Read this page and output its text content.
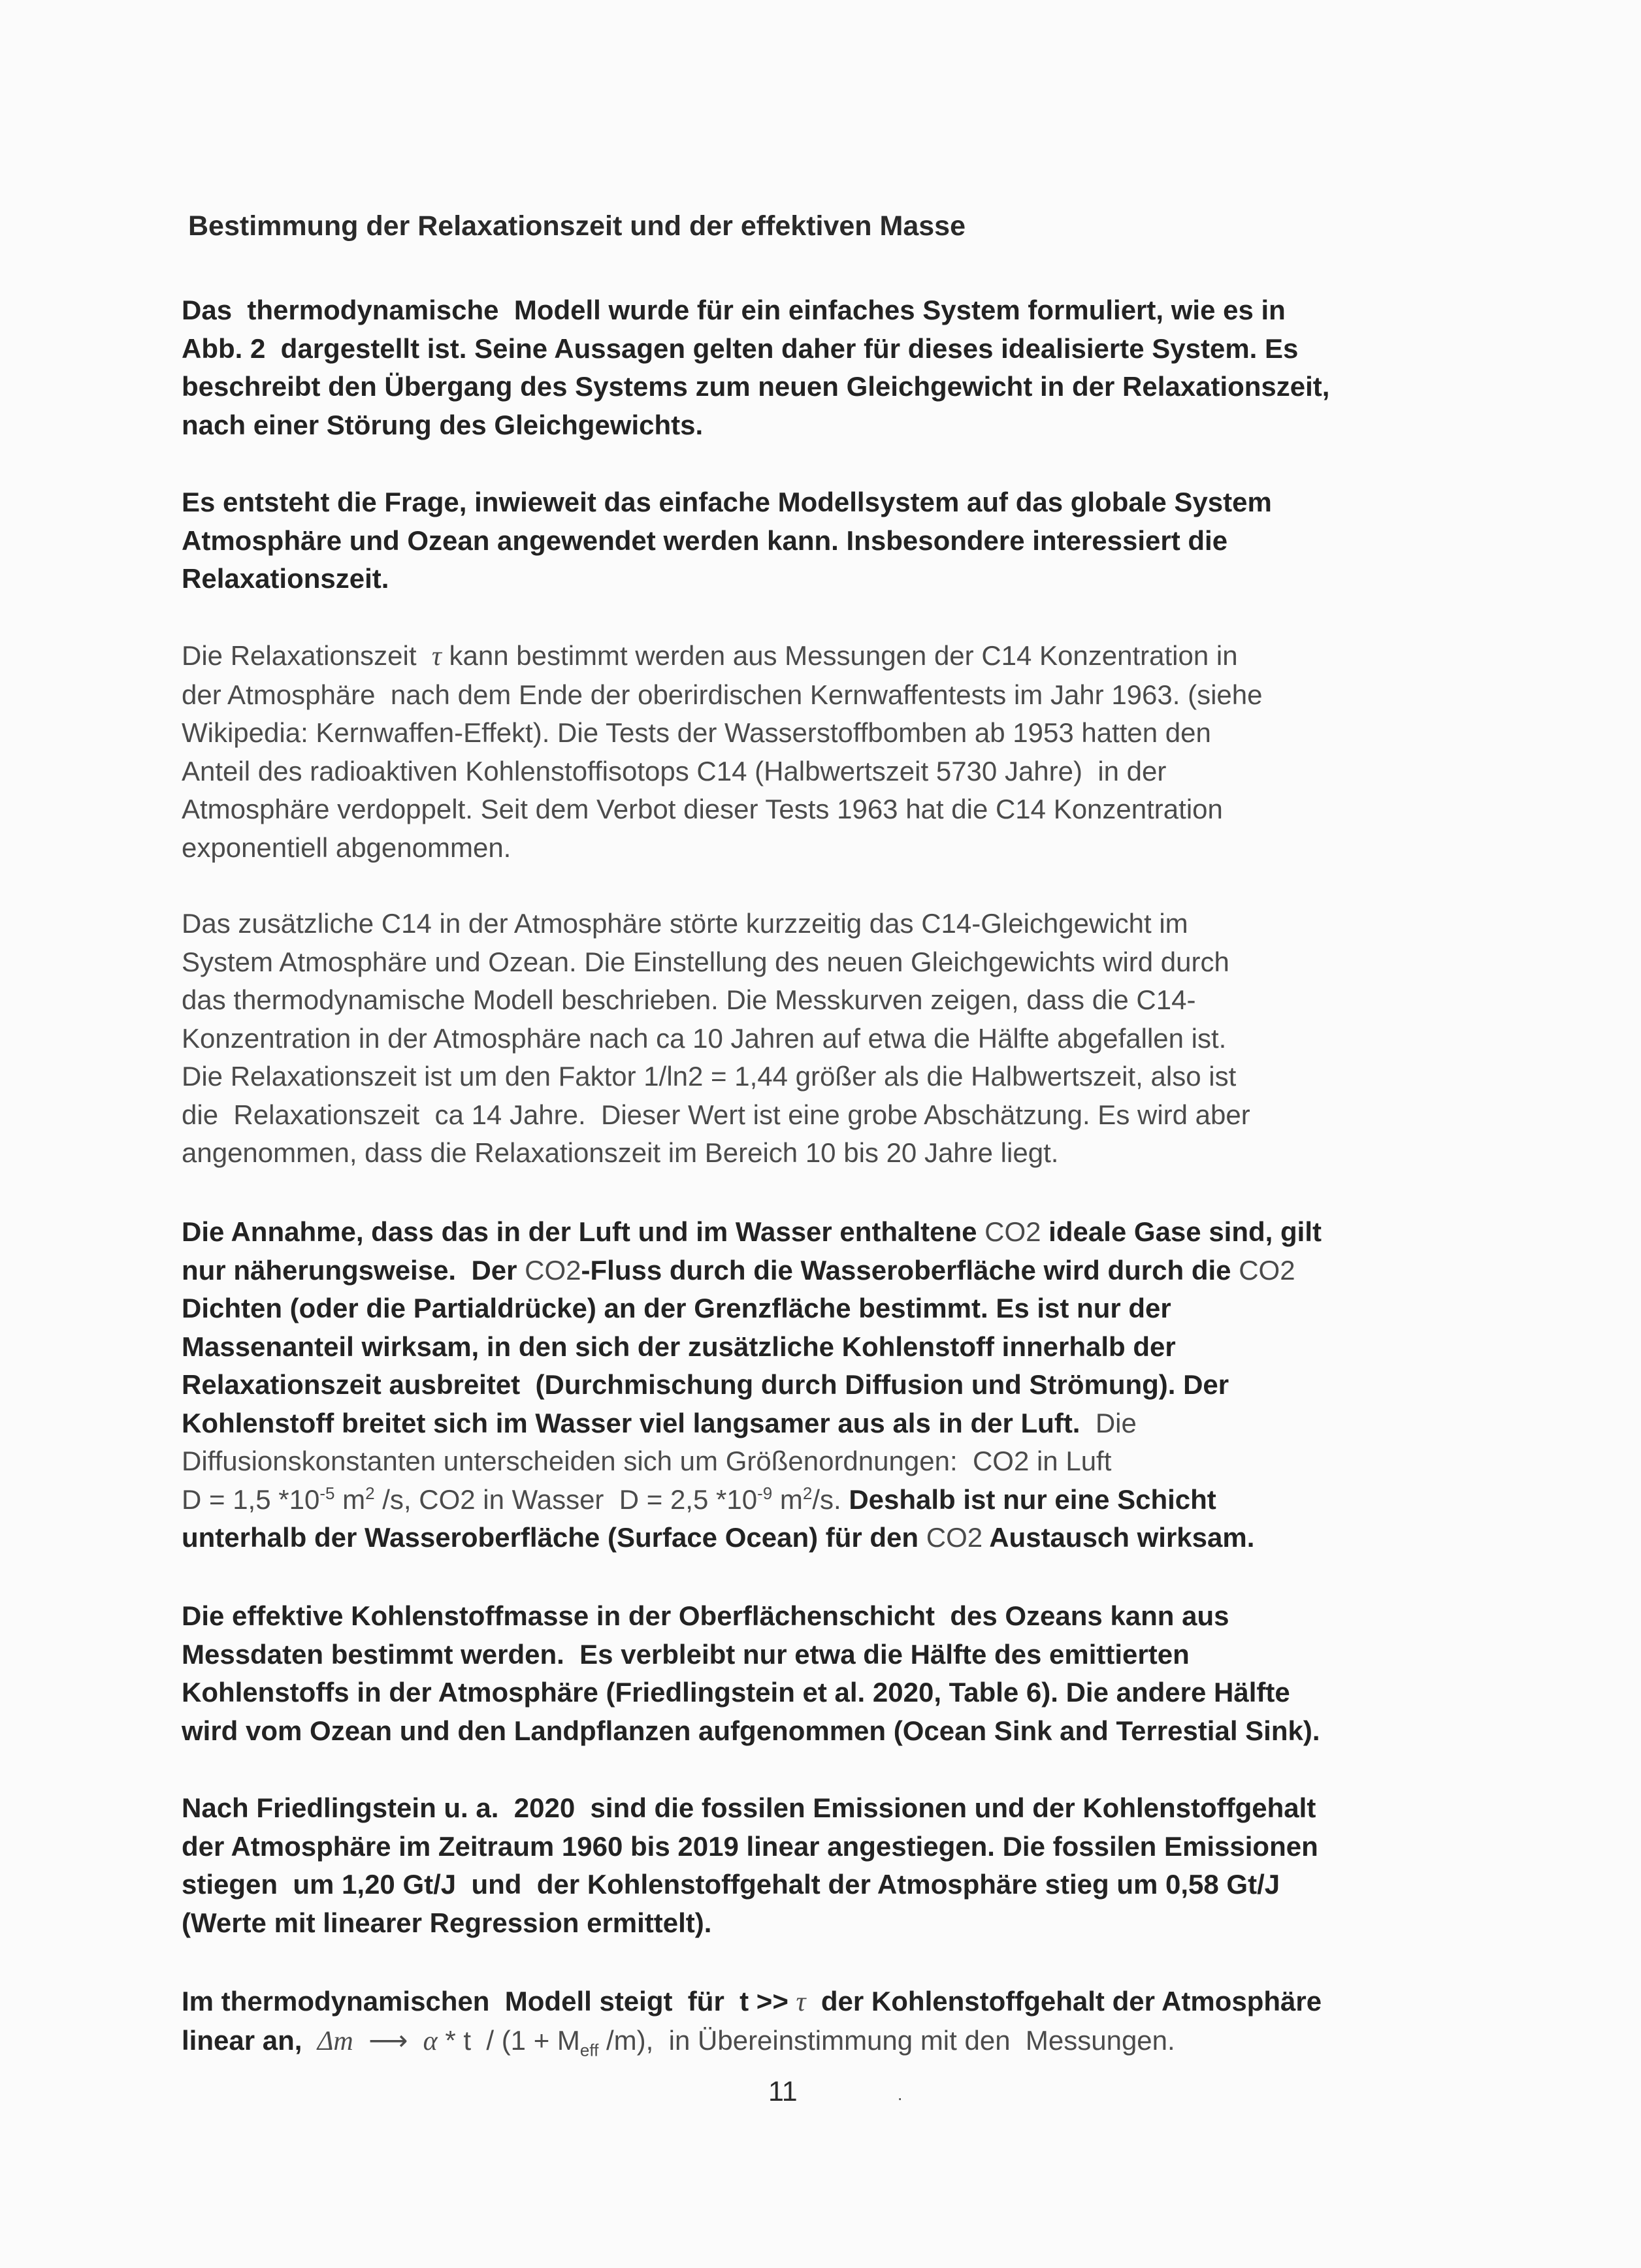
Bestimmung der Relaxationszeit und der effektiven Masse

Das  thermodynamische  Modell wurde für ein einfaches System formuliert, wie es in
Abb. 2  dargestellt ist. Seine Aussagen gelten daher für dieses idealisierte System. Es
beschreibt den Übergang des Systems zum neuen Gleichgewicht in der Relaxationszeit,
nach einer Störung des Gleichgewichts.

Es entsteht die Frage, inwieweit das einfache Modellsystem auf das globale System
Atmosphäre und Ozean angewendet werden kann. Insbesondere interessiert die
Relaxationszeit.

Die Relaxationszeit  τ kann bestimmt werden aus Messungen der C14 Konzentration in
der Atmosphäre  nach dem Ende der oberirdischen Kernwaffentests im Jahr 1963. (siehe
Wikipedia: Kernwaffen-Effekt). Die Tests der Wasserstoffbomben ab 1953 hatten den
Anteil des radioaktiven Kohlenstoffisotops C14 (Halbwertszeit 5730 Jahre)  in der
Atmosphäre verdoppelt. Seit dem Verbot dieser Tests 1963 hat die C14 Konzentration
exponentiell abgenommen.

Das zusätzliche C14 in der Atmosphäre störte kurzzeitig das C14-Gleichgewicht im
System Atmosphäre und Ozean. Die Einstellung des neuen Gleichgewichts wird durch
das thermodynamische Modell beschrieben. Die Messkurven zeigen, dass die C14-
Konzentration in der Atmosphäre nach ca 10 Jahren auf etwa die Hälfte abgefallen ist.
Die Relaxationszeit ist um den Faktor 1/ln2 = 1,44 größer als die Halbwertszeit, also ist
die  Relaxationszeit  ca 14 Jahre.  Dieser Wert ist eine grobe Abschätzung. Es wird aber
angenommen, dass die Relaxationszeit im Bereich 10 bis 20 Jahre liegt.

Die Annahme, dass das in der Luft und im Wasser enthaltene CO2 ideale Gase sind, gilt
nur näherungsweise.  Der CO2-Fluss durch die Wasseroberfläche wird durch die CO2
Dichten (oder die Partialdrücke) an der Grenzfläche bestimmt. Es ist nur der
Massenanteil wirksam, in den sich der zusätzliche Kohlenstoff innerhalb der
Relaxationszeit ausbreitet  (Durchmischung durch Diffusion und Strömung). Der
Kohlenstoff breitet sich im Wasser viel langsamer aus als in der Luft.  Die
Diffusionskonstanten unterscheiden sich um Größenordnungen:  CO2 in Luft
D = 1,5 $*10^{-5}$ $m^2$ /s, CO2 in Wasser  D = 2,5 $*10^{-9}$ $m^2/s$. Deshalb ist nur eine Schicht
unterhalb der Wasseroberfläche (Surface Ocean) für den CO2 Austausch wirksam.

Die effektive Kohlenstoffmasse in der Oberflächenschicht  des Ozeans kann aus
Messdaten bestimmt werden.  Es verbleibt nur etwa die Hälfte des emittierten
Kohlenstoffs in der Atmosphäre (Friedlingstein et al. 2020, Table 6). Die andere Hälfte
wird vom Ozean und den Landpflanzen aufgenommen (Ocean Sink and Terrestial Sink).

Nach Friedlingstein u. a.  2020  sind die fossilen Emissionen und der Kohlenstoffgehalt
der Atmosphäre im Zeitraum 1960 bis 2019 linear angestiegen. Die fossilen Emissionen
stiegen  um 1,20 Gt/J  und  der Kohlenstoffgehalt der Atmosphäre stieg um 0,58 Gt/J
(Werte mit linearer Regression ermittelt).

Im thermodynamischen  Modell steigt  für  t >> τ  der Kohlenstoffgehalt der Atmosphäre
linear an,  Δm  ⟶  $\alpha * t / (1 + M_{eff}$ /m),  in Übereinstimmung mit den  Messungen.

11	·
